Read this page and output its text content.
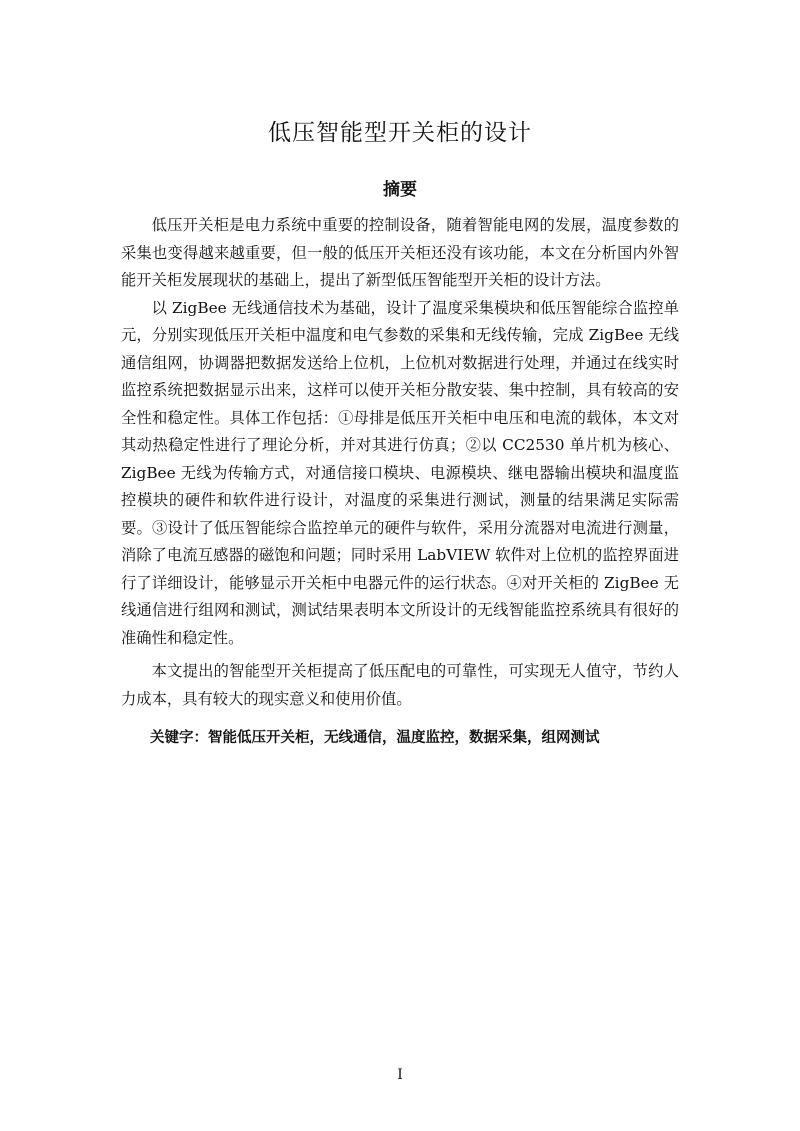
低压智能型开关柜的设计
摘要

低压开关柜是电力系统中重要的控制设备，随着智能电网的发展，温度参数的采集也变得越来越重要，但一般的低压开关柜还没有该功能，本文在分析国内外智能开关柜发展现状的基础上，提出了新型低压智能型开关柜的设计方法。

以 ZigBee 无线通信技术为基础，设计了温度采集模块和低压智能综合监控单元，分别实现低压开关柜中温度和电气参数的采集和无线传输，完成 ZigBee 无线通信组网，协调器把数据发送给上位机，上位机对数据进行处理，并通过在线实时监控系统把数据显示出来，这样可以使开关柜分散安装、集中控制，具有较高的安全性和稳定性。具体工作包括：①母排是低压开关柜中电压和电流的载体，本文对其动热稳定性进行了理论分析，并对其进行仿真；②以 CC2530 单片机为核心、ZigBee 无线为传输方式，对通信接口模块、电源模块、继电器输出模块和温度监控模块的硬件和软件进行设计，对温度的采集进行测试，测量的结果满足实际需要。③设计了低压智能综合监控单元的硬件与软件，采用分流器对电流进行测量，消除了电流互感器的磁饱和问题；同时采用 LabVIEW 软件对上位机的监控界面进行了详细设计，能够显示开关柜中电器元件的运行状态。④对开关柜的 ZigBee 无线通信进行组网和测试，测试结果表明本文所设计的无线智能监控系统具有很好的准确性和稳定性。

本文提出的智能型开关柜提高了低压配电的可靠性，可实现无人值守，节约人力成本，具有较大的现实意义和使用价值。

关键字：智能低压开关柜，无线通信，温度监控，数据采集，组网测试

I
